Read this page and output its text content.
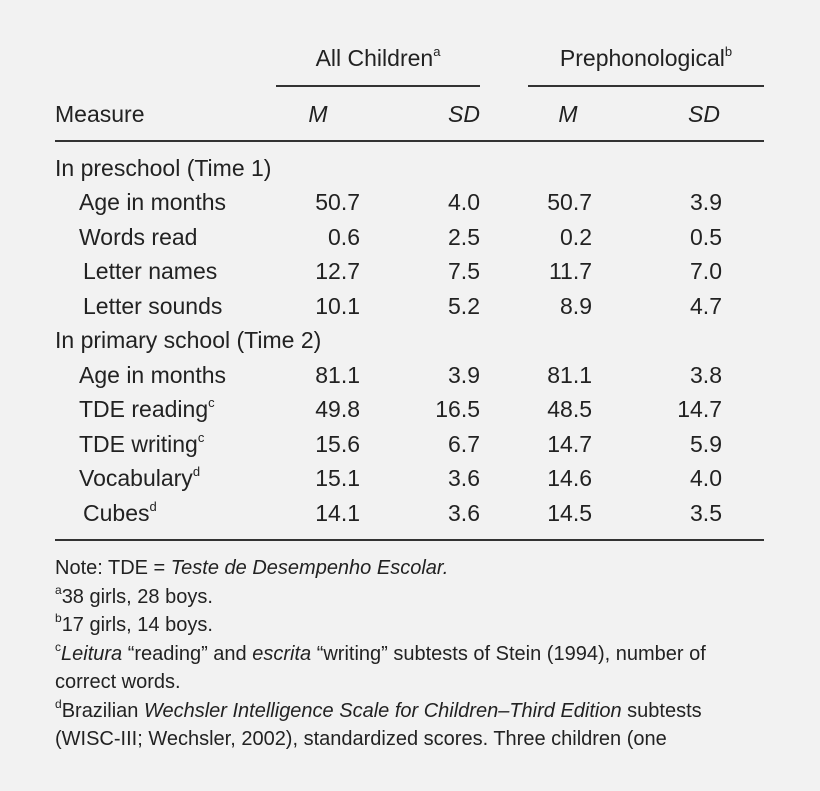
All Children$^a$	Prephonological$^b$
Measure	M	SD	M	SD
In preschool (Time 1)
Age in months	50.7	4.0	50.7	3.9
Words read	0.6	2.5	0.2	0.5
Letter names	12.7	7.5	11.7	7.0
Letter sounds	10.1	5.2	8.9	4.7
In primary school (Time 2)
Age in months	81.1	3.9	81.1	3.8
TDE reading$^c$	49.8	16.5	48.5	14.7
TDE writing$^c$	15.6	6.7	14.7	5.9
Vocabulary$^d$	15.1	3.6	14.6	4.0
Cubes$^d$	14.1	3.6	14.5	3.5
Note: TDE = Teste de Desempenho Escolar.
$^a$38 girls, 28 boys.
$^b$17 girls, 14 boys.
$^c$Leitura “reading” and escrita “writing” subtests of Stein (1994), number of
correct words.
$^d$Brazilian Wechsler Intelligence Scale for Children–Third Edition subtests
(WISC-III; Wechsler, 2002), standardized scores. Three children (one
